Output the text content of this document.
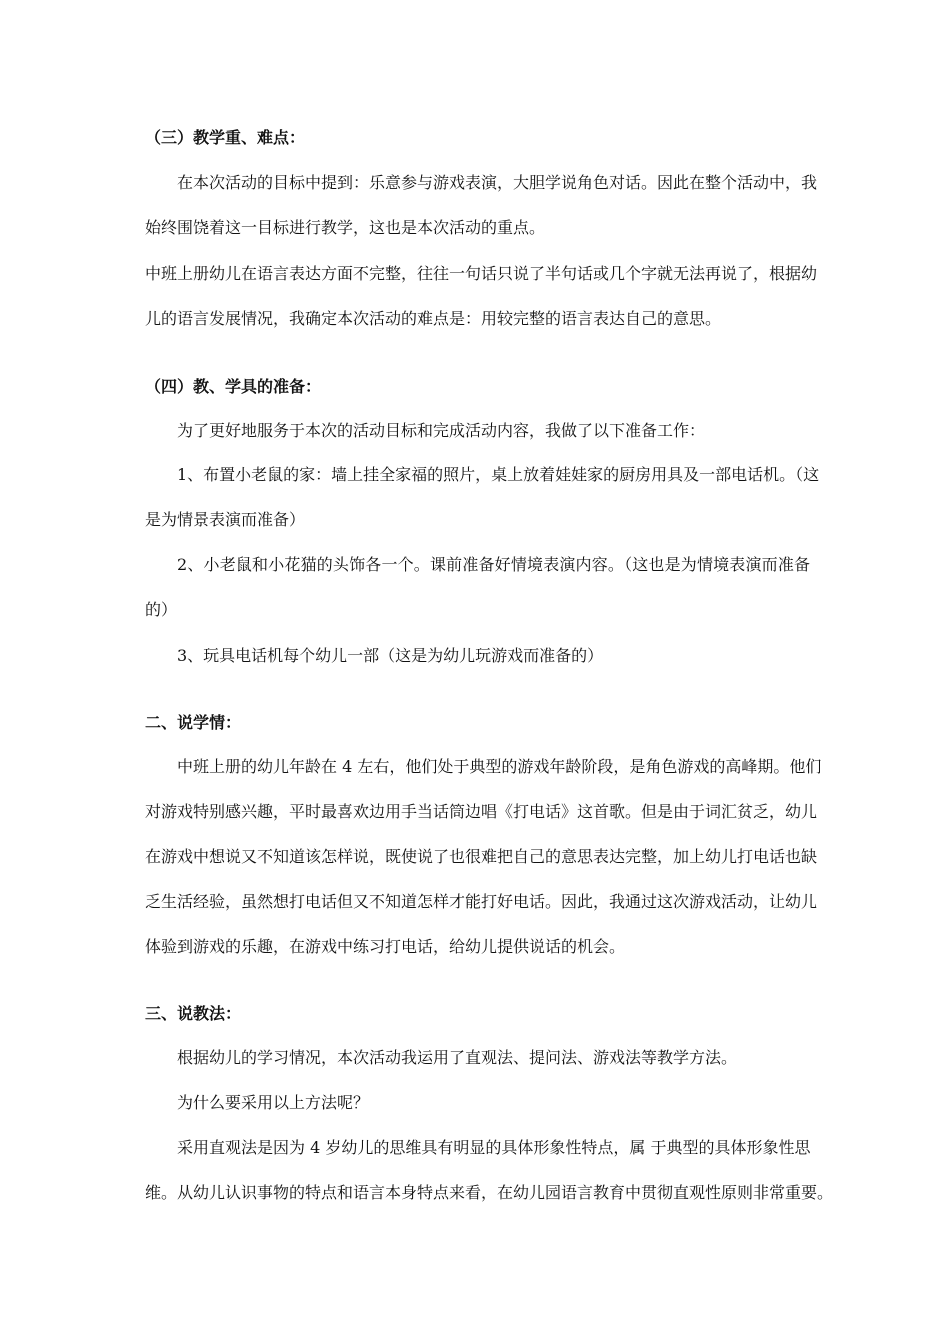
（三）教学重、难点：
在本次活动的目标中提到：乐意参与游戏表演，大胆学说角色对话。因此在整个活动中，我
始终围饶着这一目标进行教学，这也是本次活动的重点。
中班上册幼儿在语言表达方面不完整，往往一句话只说了半句话或几个字就无法再说了，根据幼
儿的语言发展情况，我确定本次活动的难点是：用较完整的语言表达自己的意思。
（四）教、学具的准备：
为了更好地服务于本次的活动目标和完成活动内容，我做了以下准备工作：
1、布置小老鼠的家：墙上挂全家福的照片，桌上放着娃娃家的厨房用具及一部电话机。（这
是为情景表演而准备）
2、小老鼠和小花猫的头饰各一个。课前准备好情境表演内容。（这也是为情境表演而准备
的）
3、玩具电话机每个幼儿一部（这是为幼儿玩游戏而准备的）
二、说学情：
中班上册的幼儿年龄在 4 左右，他们处于典型的游戏年龄阶段，是角色游戏的高峰期。他们
对游戏特别感兴趣，平时最喜欢边用手当话筒边唱《打电话》这首歌。但是由于词汇贫乏，幼儿
在游戏中想说又不知道该怎样说，既使说了也很难把自己的意思表达完整，加上幼儿打电话也缺
乏生活经验，虽然想打电话但又不知道怎样才能打好电话。因此，我通过这次游戏活动，让幼儿
体验到游戏的乐趣，在游戏中练习打电话，给幼儿提供说话的机会。
三、说教法：
根据幼儿的学习情况，本次活动我运用了直观法、提问法、游戏法等教学方法。
为什么要采用以上方法呢？
采用直观法是因为 4 岁幼儿的思维具有明显的具体形象性特点，属 于典型的具体形象性思
维。从幼儿认识事物的特点和语言本身特点来看，在幼儿园语言教育中贯彻直观性原则非常重要。
